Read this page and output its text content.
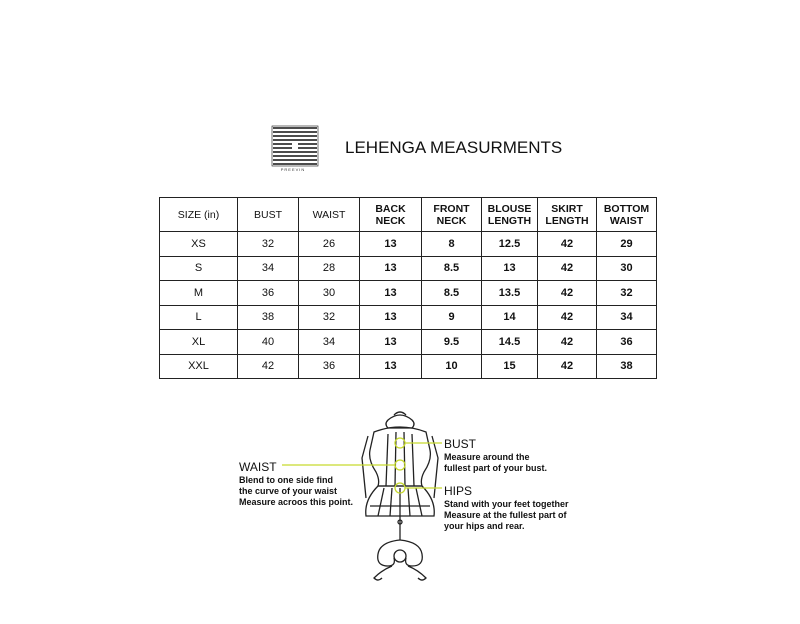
PREEVIN
LEHENGA MEASURMENTS
SIZE (in)	BUST	WAIST	BACK NECK	FRONT NECK	BLOUSE LENGTH	SKIRT LENGTH	BOTTOM WAIST
XS	32	26	13	8	12.5	42	29
S	34	28	13	8.5	13	42	30
M	36	30	13	8.5	13.5	42	32
L	38	32	13	9	14	42	34
XL	40	34	13	9.5	14.5	42	36
XXL	42	36	13	10	15	42	38
BUST
Measure around the
fullest part of your bust.
WAIST
Blend to one side find
the curve of your waist
Measure acroos this point.
HIPS
Stand with your feet together
Measure at the fullest part of
your hips and rear.
